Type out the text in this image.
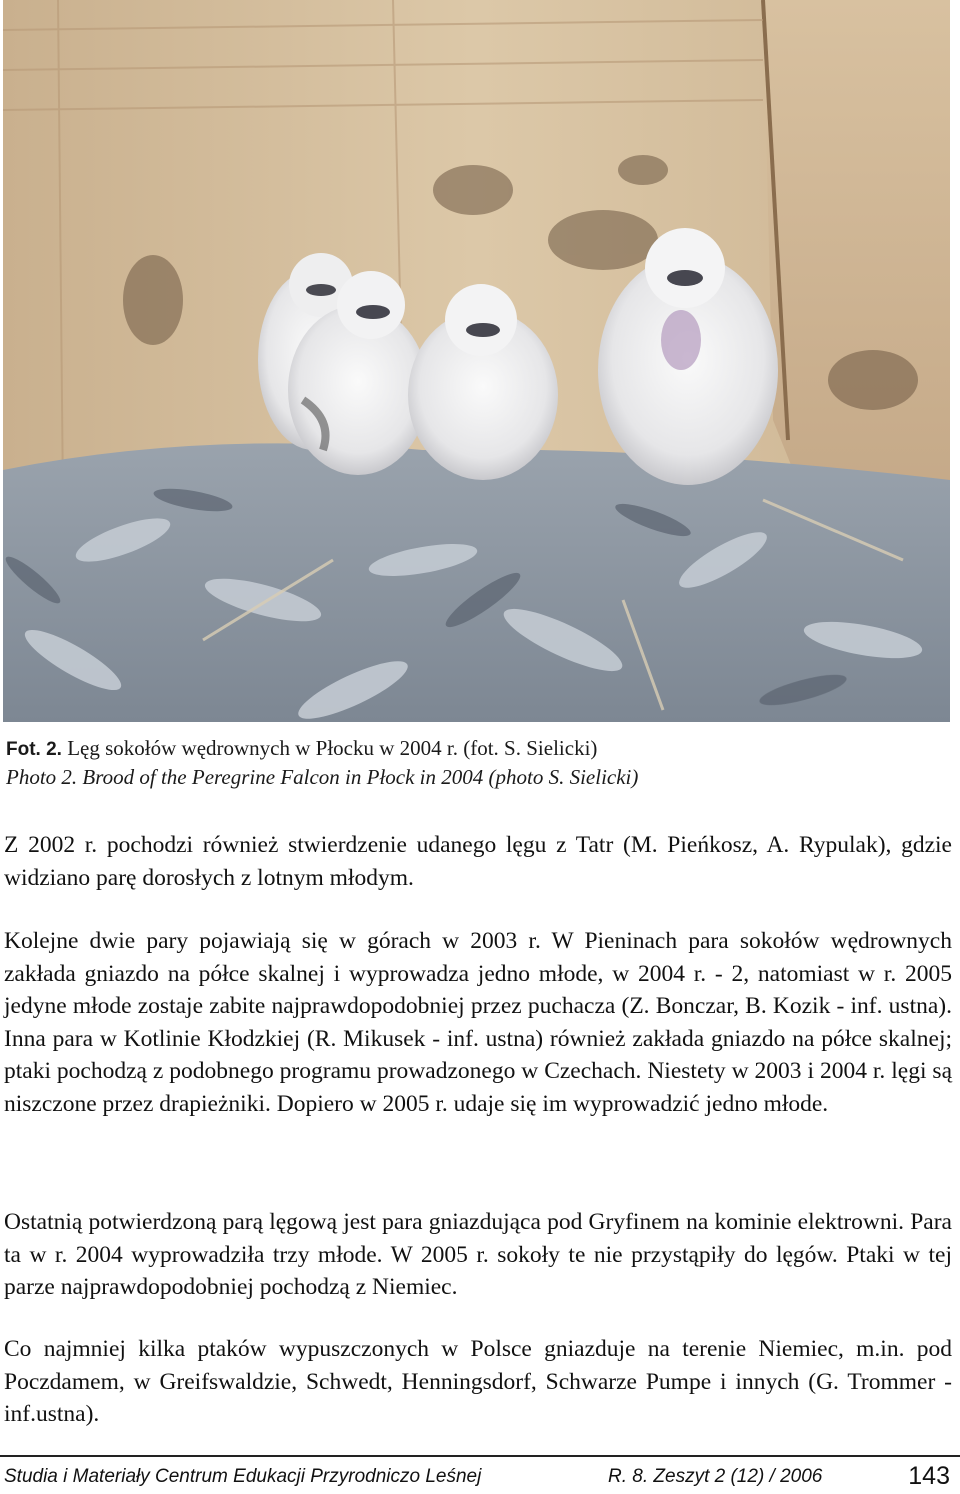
Fot. 2. Lęg sokołów wędrownych w Płocku w 2004 r. (fot. S. Sielicki)
Photo 2. Brood of the Peregrine Falcon in Płock in 2004 (photo S. Sielicki)

Z 2002 r. pochodzi również stwierdzenie udanego lęgu z Tatr (M. Pieńkosz, A. Rypulak), gdzie widziano parę dorosłych z lotnym młodym.

Kolejne dwie pary pojawiają się w górach w 2003 r. W Pieninach para sokołów wędrownych zakłada gniazdo na półce skalnej i wyprowadza jedno młode, w 2004 r. - 2, natomiast w r. 2005 jedyne młode zostaje zabite najprawdopodobniej przez puchacza (Z. Bonczar, B. Kozik - inf. ustna). Inna para w Kotlinie Kłodzkiej (R. Mikusek - inf. ustna) również zakłada gniazdo na półce skalnej; ptaki pochodzą z podobnego programu prowadzonego w Czechach. Niestety w 2003 i 2004 r. lęgi są niszczone przez drapieżniki. Dopiero w 2005 r. udaje się im wyprowadzić jedno młode.

Ostatnią potwierdzoną parą lęgową jest para gniazdująca pod Gryfinem na kominie elektrowni. Para ta w r. 2004 wyprowadziła trzy młode. W 2005 r. sokoły te nie przystąpiły do lęgów. Ptaki w tej parze najprawdopodobniej pochodzą z Niemiec.

Co najmniej kilka ptaków wypuszczonych w Polsce gniazduje na terenie Niemiec, m.in. pod Poczdamem, w Greifswaldzie, Schwedt, Henningsdorf, Schwarze Pumpe i innych (G. Trommer - inf.ustna).

Studia i Materiały Centrum Edukacji Przyrodniczo Leśnej	R. 8. Zeszyt 2 (12) / 2006	143
